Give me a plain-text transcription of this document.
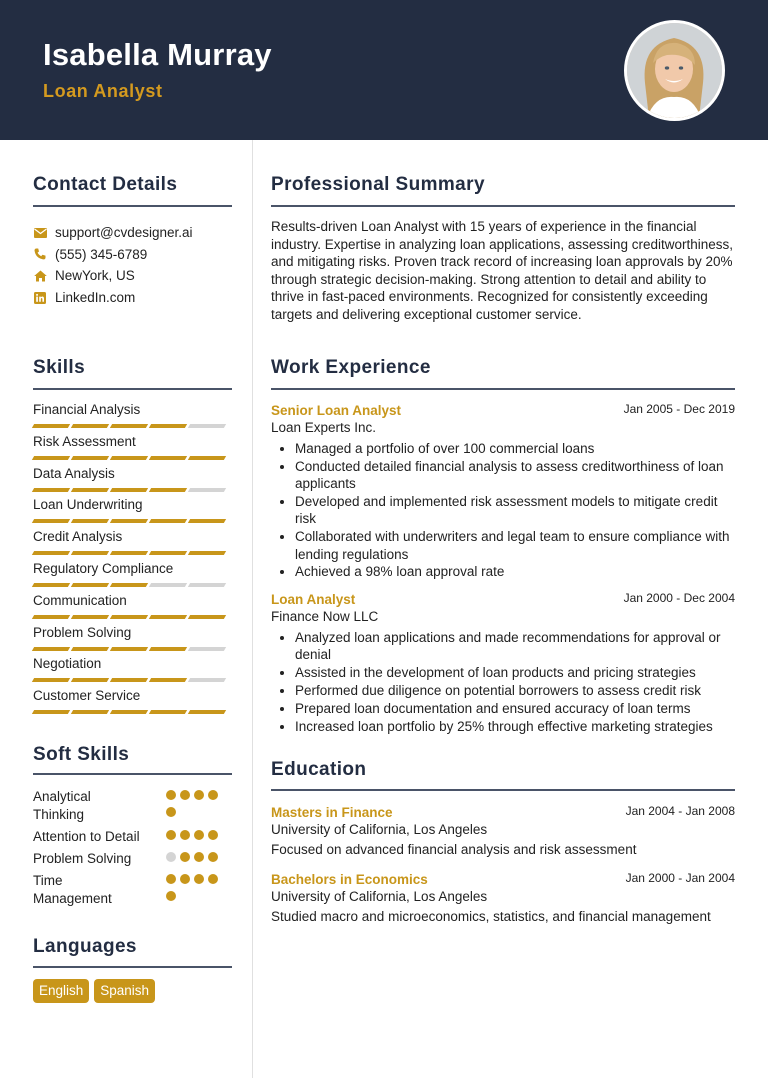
Isabella Murray
Loan Analyst
Contact Details
support@cvdesigner.ai
(555) 345-6789
NewYork, US
LinkedIn.com
Skills
Financial Analysis
Risk Assessment
Data Analysis
Loan Underwriting
Credit Analysis
Regulatory Compliance
Communication
Problem Solving
Negotiation
Customer Service
Soft Skills
Analytical
Thinking
Attention to Detail
Problem Solving
Time
Management
Languages
English	Spanish
Professional Summary
Results-driven Loan Analyst with 15 years of experience in the financial industry. Expertise in analyzing loan applications, assessing creditworthiness, and mitigating risks. Proven track record of increasing loan approvals by 20% through strategic decision-making. Strong attention to detail and ability to thrive in fast-paced environments. Recognized for consistently exceeding targets and delivering exceptional customer service.
Work Experience
Senior Loan Analyst	Jan 2005 - Dec 2019
Loan Experts Inc.
• Managed a portfolio of over 100 commercial loans
• Conducted detailed financial analysis to assess creditworthiness of loan applicants
• Developed and implemented risk assessment models to mitigate credit risk
• Collaborated with underwriters and legal team to ensure compliance with lending regulations
• Achieved a 98% loan approval rate
Loan Analyst	Jan 2000 - Dec 2004
Finance Now LLC
• Analyzed loan applications and made recommendations for approval or denial
• Assisted in the development of loan products and pricing strategies
• Performed due diligence on potential borrowers to assess credit risk
• Prepared loan documentation and ensured accuracy of loan terms
• Increased loan portfolio by 25% through effective marketing strategies
Education
Masters in Finance	Jan 2004 - Jan 2008
University of California, Los Angeles
Focused on advanced financial analysis and risk assessment
Bachelors in Economics	Jan 2000 - Jan 2004
University of California, Los Angeles
Studied macro and microeconomics, statistics, and financial management
